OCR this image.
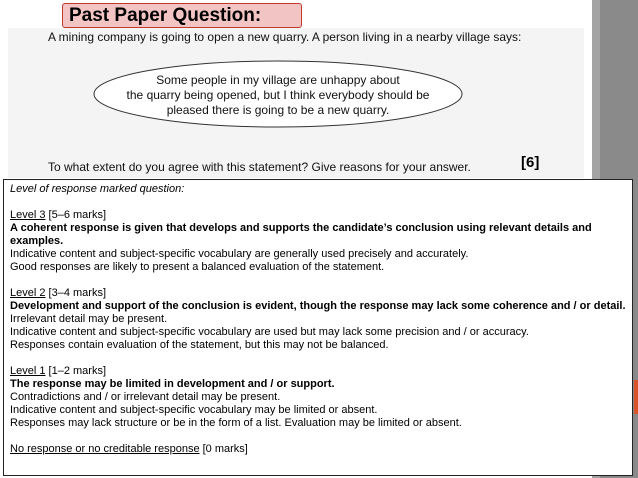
Past Paper Question:
A mining company is going to open a new quarry. A person living in a nearby village says:
Some people in my village are unhappy about
the quarry being opened, but I think everybody should be
pleased there is going to be a new quarry.
To what extent do you agree with this statement? Give reasons for your answer.	[6]
Level of response marked question:
Level 3 [5–6 marks]
A coherent response is given that develops and supports the candidate’s conclusion using relevant details and examples.
Indicative content and subject-specific vocabulary are generally used precisely and accurately.
Good responses are likely to present a balanced evaluation of the statement.
Level 2 [3–4 marks]
Development and support of the conclusion is evident, though the response may lack some coherence and / or detail.
Irrelevant detail may be present.
Indicative content and subject-specific vocabulary are used but may lack some precision and / or accuracy.
Responses contain evaluation of the statement, but this may not be balanced.
Level 1 [1–2 marks]
The response may be limited in development and / or support.
Contradictions and / or irrelevant detail may be present.
Indicative content and subject-specific vocabulary may be limited or absent.
Responses may lack structure or be in the form of a list. Evaluation may be limited or absent.
No response or no creditable response [0 marks]
